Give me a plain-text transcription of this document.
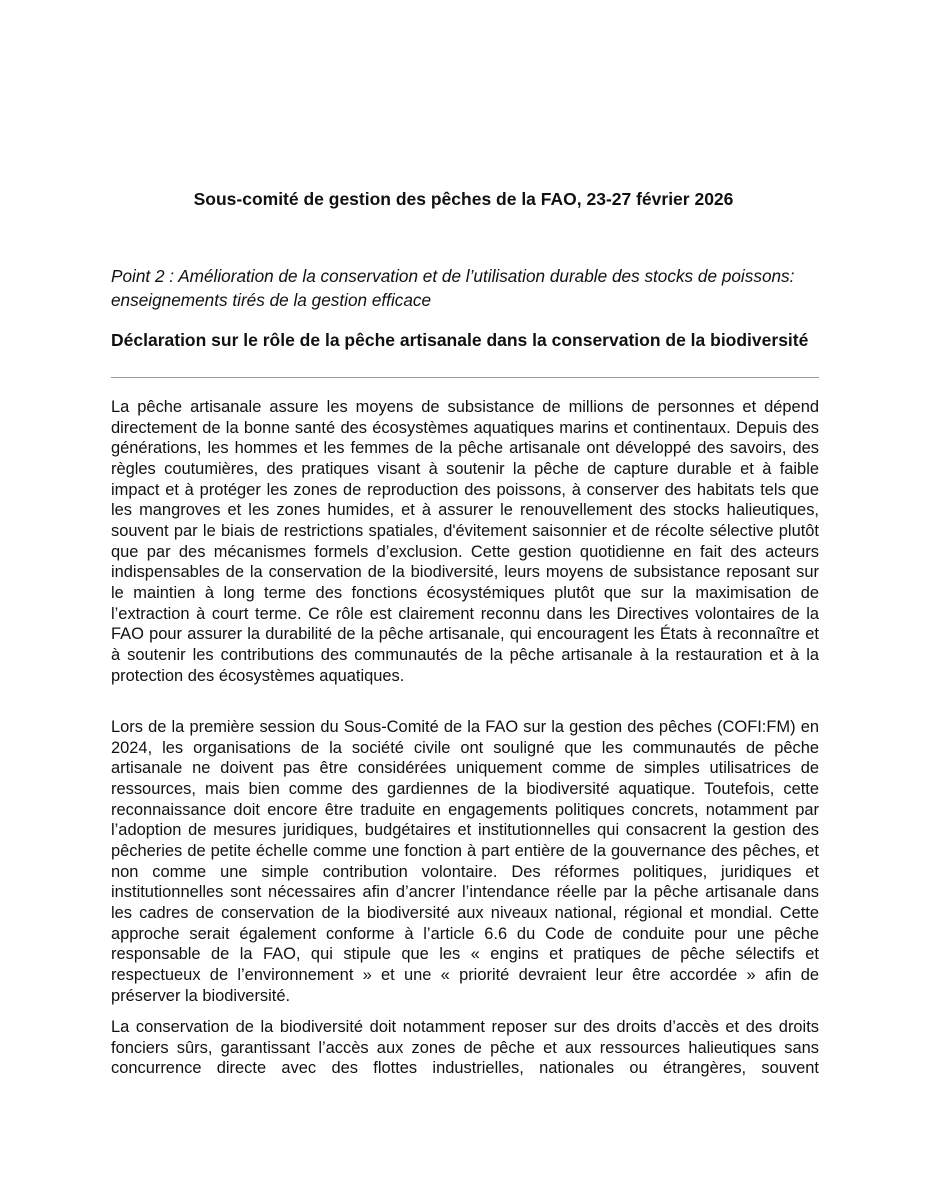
Sous-comité de gestion des pêches de la FAO, 23-27 février 2026
Point 2 : Amélioration de la conservation et de l’utilisation durable des stocks de poissons: enseignements tirés de la gestion efficace
Déclaration sur le rôle de la pêche artisanale dans la conservation de la biodiversité

La pêche artisanale assure les moyens de subsistance de millions de personnes et dépend directement de la bonne santé des écosystèmes aquatiques marins et continentaux. Depuis des générations, les hommes et les femmes de la pêche artisanale ont développé des savoirs, des règles coutumières, des pratiques visant à soutenir la pêche de capture durable et à faible impact et à protéger les zones de reproduction des poissons, à conserver des habitats tels que les mangroves et les zones humides, et à assurer le renouvellement des stocks halieutiques, souvent par le biais de restrictions spatiales, d'évitement saisonnier et de récolte sélective plutôt que par des mécanismes formels d’exclusion. Cette gestion quotidienne en fait des acteurs indispensables de la conservation de la biodiversité, leurs moyens de subsistance reposant sur le maintien à long terme des fonctions écosystémiques plutôt que sur la maximisation de l’extraction à court terme. Ce rôle est clairement reconnu dans les Directives volontaires de la FAO pour assurer la durabilité de la pêche artisanale, qui encouragent les États à reconnaître et à soutenir les contributions des communautés de la pêche artisanale à la restauration et à la protection des écosystèmes aquatiques.

Lors de la première session du Sous-Comité de la FAO sur la gestion des pêches (COFI:FM) en 2024, les organisations de la société civile ont souligné que les communautés de pêche artisanale ne doivent pas être considérées uniquement comme de simples utilisatrices de ressources, mais bien comme des gardiennes de la biodiversité aquatique. Toutefois, cette reconnaissance doit encore être traduite en engagements politiques concrets, notamment par l’adoption de mesures juridiques, budgétaires et institutionnelles qui consacrent la gestion des pêcheries de petite échelle comme une fonction à part entière de la gouvernance des pêches, et non comme une simple contribution volontaire. Des réformes politiques, juridiques et institutionnelles sont nécessaires afin d’ancrer l’intendance réelle par la pêche artisanale dans les cadres de conservation de la biodiversité aux niveaux national, régional et mondial. Cette approche serait également conforme à l’article 6.6 du Code de conduite pour une pêche responsable de la FAO, qui stipule que les « engins et pratiques de pêche sélectifs et respectueux de l’environnement » et une « priorité devraient leur être accordée » afin de préserver la biodiversité.

La conservation de la biodiversité doit notamment reposer sur des droits d’accès et des droits fonciers sûrs, garantissant l’accès aux zones de pêche et aux ressources halieutiques sans concurrence directe avec des flottes industrielles, nationales ou étrangères, souvent
